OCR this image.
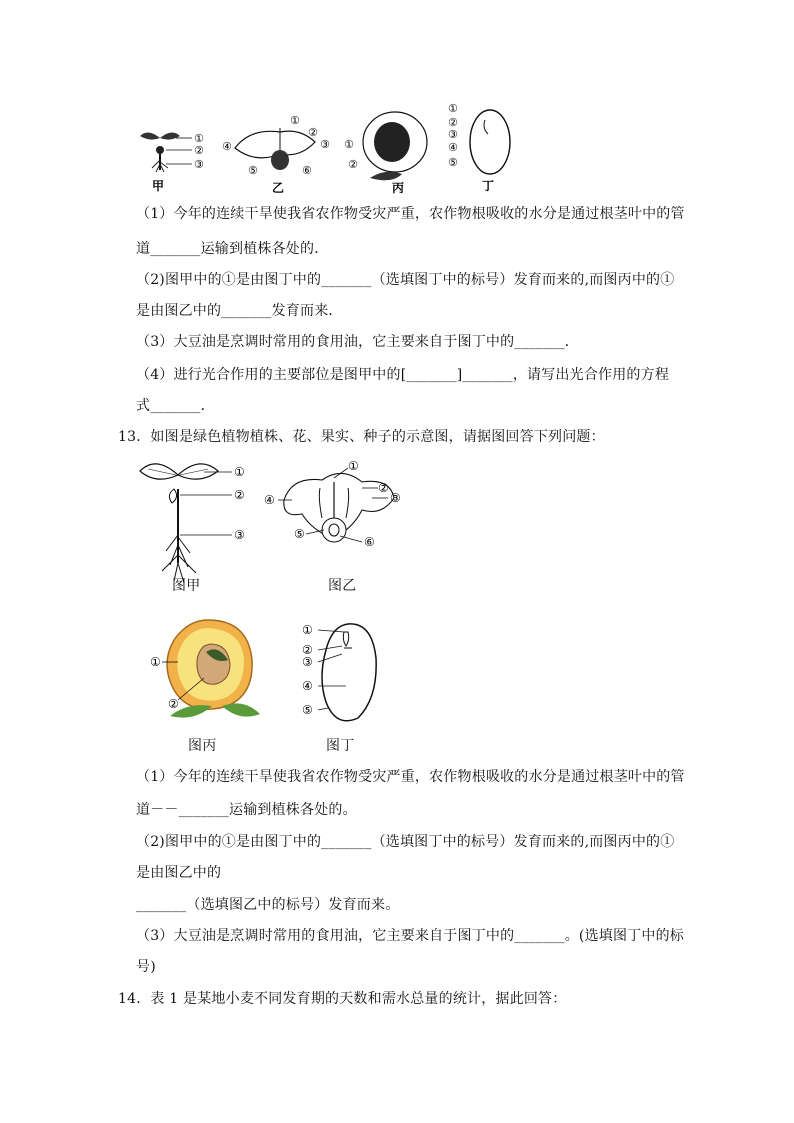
①
②
③
甲
④
①
②
③
⑤	⑥
乙
①
②
丙
①
②
③
④
⑤
丁
（1）今年的连续干旱使我省农作物受灾严重，农作物根吸收的水分是通过根茎叶中的管
道_______运输到植株各处的．
（2)图甲中的①是由图丁中的_______（选填图丁中的标号）发育而来的,而图丙中的①
是由图乙中的_______发育而来．
（3）大豆油是烹调时常用的食用油，它主要来自于图丁中的_______．
（4）进行光合作用的主要部位是图甲中的[_______]_______，请写出光合作用的方程
式_______．
13．如图是绿色植物植株、花、果实、种子的示意图，请据图回答下列问题：
①
②
③
图甲
④
①
②
③
⑤
⑥
图乙
①
②
图丙
①
②
③
④
⑤
图丁
（1）今年的连续干旱使我省农作物受灾严重，农作物根吸收的水分是通过根茎叶中的管
道－－_______运输到植株各处的。
（2)图甲中的①是由图丁中的_______（选填图丁中的标号）发育而来的,而图丙中的①
是由图乙中的
_______（选填图乙中的标号）发育而来。
（3）大豆油是烹调时常用的食用油，它主要来自于图丁中的_______。(选填图丁中的标
号)
14．表 1 是某地小麦不同发育期的天数和需水总量的统计，据此回答：
